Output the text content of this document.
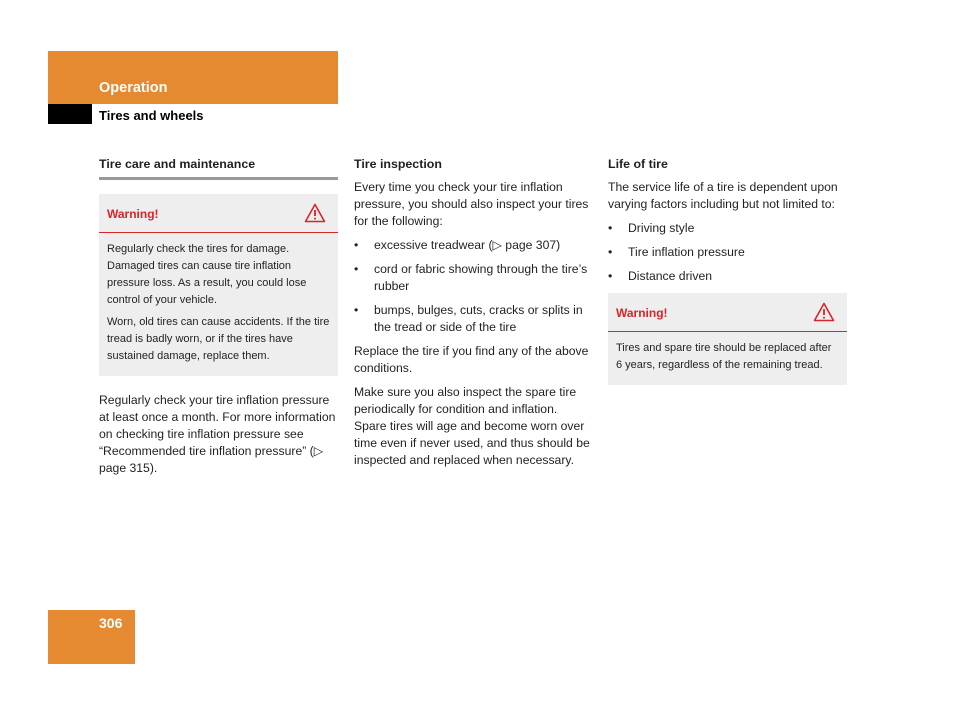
Operation
Tires and wheels
Tire care and maintenance
Warning!

Regularly check the tires for damage. Damaged tires can cause tire inflation pressure loss. As a result, you could lose control of your vehicle.

Worn, old tires can cause accidents. If the tire tread is badly worn, or if the tires have sustained damage, replace them.

Regularly check your tire inflation pressure at least once a month. For more information on checking tire inflation pressure see “Recommended tire inflation pressure” (▷ page 315).

Tire inspection

Every time you check your tire inflation pressure, you should also inspect your tires for the following:

• excessive treadwear (▷ page 307)
• cord or fabric showing through the tire’s rubber
• bumps, bulges, cuts, cracks or splits in the tread or side of the tire

Replace the tire if you find any of the above conditions.

Make sure you also inspect the spare tire periodically for condition and inflation. Spare tires will age and become worn over time even if never used, and thus should be inspected and replaced when necessary.

Life of tire

The service life of a tire is dependent upon varying factors including but not limited to:

• Driving style
• Tire inflation pressure
• Distance driven
Warning!

Tires and spare tire should be replaced after 6 years, regardless of the remaining tread.

306
